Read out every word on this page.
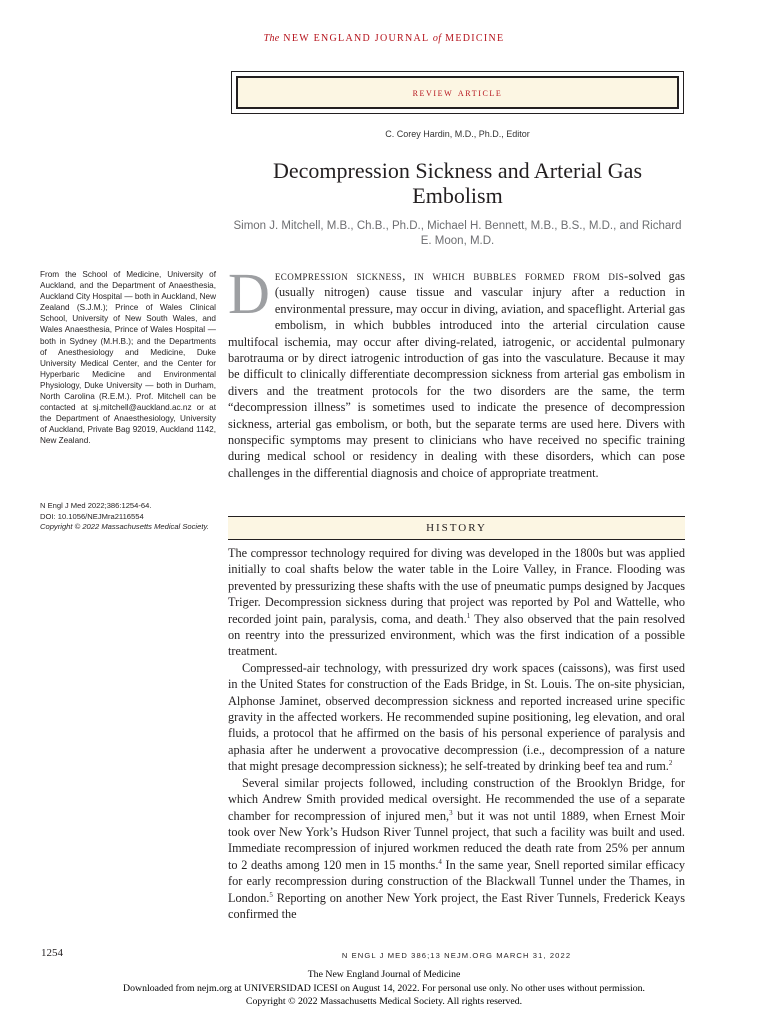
The NEW ENGLAND JOURNAL of MEDICINE
review article
C. Corey Hardin, M.D., Ph.D., Editor
Decompression Sickness and Arterial Gas Embolism
Simon J. Mitchell, M.B., Ch.B., Ph.D., Michael H. Bennett, M.B., B.S., M.D., and Richard E. Moon, M.D.
From the School of Medicine, University of Auckland, and the Department of Anaesthesia, Auckland City Hospital — both in Auckland, New Zealand (S.J.M.); Prince of Wales Clinical School, University of New South Wales, and Wales Anaesthesia, Prince of Wales Hospital — both in Sydney (M.H.B.); and the Departments of Anesthesiology and Medicine, Duke University Medical Center, and the Center for Hyperbaric Medicine and Environmental Physiology, Duke University — both in Durham, North Carolina (R.E.M.). Prof. Mitchell can be contacted at sj.mitchell@auckland.ac.nz or at the Department of Anaesthesiology, University of Auckland, Private Bag 92019, Auckland 1142, New Zealand.
N Engl J Med 2022;386:1254-64.
DOI: 10.1056/NEJMra2116554
Copyright © 2022 Massachusetts Medical Society.
Decompression sickness, in which bubbles formed from dis-solved gas (usually nitrogen) cause tissue and vascular injury after a reduction in environmental pressure, may occur in diving, aviation, and spaceflight. Arterial gas embolism, in which bubbles introduced into the arterial circulation cause multifocal ischemia, may occur after diving-related, iatrogenic, or accidental pulmonary barotrauma or by direct iatrogenic introduction of gas into the vasculature. Because it may be difficult to clinically differentiate decompression sickness from arterial gas embolism in divers and the treatment protocols for the two disorders are the same, the term “decompression illness” is sometimes used to indicate the presence of decompression sickness, arterial gas embolism, or both, but the separate terms are used here. Divers with nonspecific symptoms may present to clinicians who have received no specific training during medical school or residency in dealing with these disorders, which can pose challenges in the differential diagnosis and choice of appropriate treatment.
HISTORY

The compressor technology required for diving was developed in the 1800s but was applied initially to coal shafts below the water table in the Loire Valley, in France. Flooding was prevented by pressurizing these shafts with the use of pneumatic pumps designed by Jacques Triger. Decompression sickness during that project was reported by Pol and Wattelle, who recorded joint pain, paralysis, coma, and death.$^1$ They also observed that the pain resolved on reentry into the pressurized environment, which was the first indication of a possible treatment.

Compressed-air technology, with pressurized dry work spaces (caissons), was first used in the United States for construction of the Eads Bridge, in St. Louis. The on-site physician, Alphonse Jaminet, observed decompression sickness and reported increased urine specific gravity in the affected workers. He recommended supine positioning, leg elevation, and oral fluids, a protocol that he affirmed on the basis of his personal experience of paralysis and aphasia after he underwent a provocative decompression (i.e., decompression of a nature that might presage decompression sickness); he self-treated by drinking beef tea and rum.$^2$

Several similar projects followed, including construction of the Brooklyn Bridge, for which Andrew Smith provided medical oversight. He recommended the use of a separate chamber for recompression of injured men,$^3$ but it was not until 1889, when Ernest Moir took over New York’s Hudson River Tunnel project, that such a facility was built and used. Immediate recompression of injured workmen reduced the death rate from 25% per annum to 2 deaths among 120 men in 15 months.$^4$ In the same year, Snell reported similar efficacy for early recompression during construction of the Blackwall Tunnel under the Thames, in London.$^5$ Reporting on another New York project, the East River Tunnels, Frederick Keays confirmed the

1254	N ENGL J MED 386;13 NEJM.ORG MARCH 31, 2022
The New England Journal of Medicine
Downloaded from nejm.org at UNIVERSIDAD ICESI on August 14, 2022. For personal use only. No other uses without permission.
Copyright © 2022 Massachusetts Medical Society. All rights reserved.
